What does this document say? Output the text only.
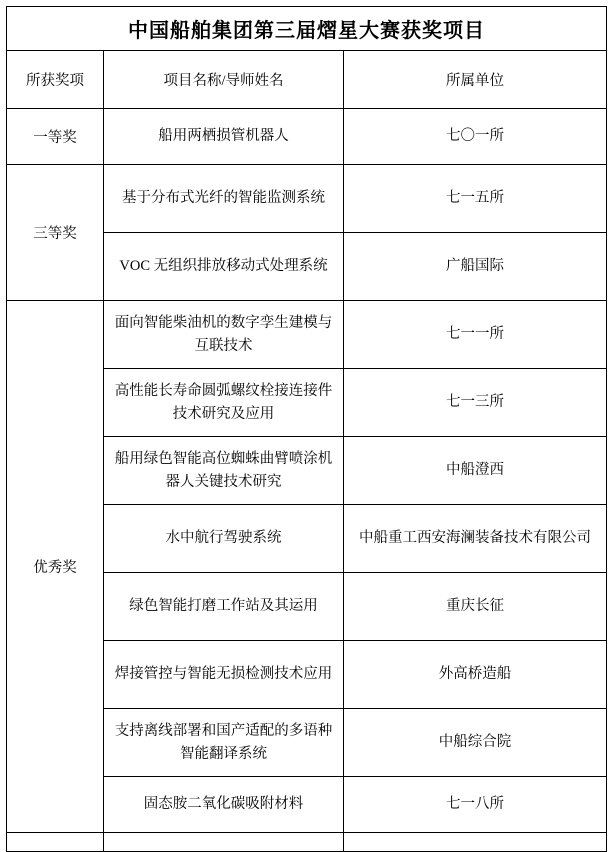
中国船舶集团第三届熠星大赛获奖项目		
所获奖项	项目名称/导师姓名	所属单位
一等奖	船用两栖损管机器人	七〇一所
三等奖	基于分布式光纤的智能监测系统	七一五所
	VOC 无组织排放移动式处理系统	广船国际
优秀奖	面向智能柴油机的数字孪生建模与互联技术	七一一所
	高性能长寿命圆弧螺纹栓接连接件技术研究及应用	七一三所
	船用绿色智能高位蜘蛛曲臂喷涂机器人关键技术研究	中船澄西
	水中航行驾驶系统	中船重工西安海澜装备技术有限公司
	绿色智能打磨工作站及其运用	重庆长征
	焊接管控与智能无损检测技术应用	外高桥造船
	支持离线部署和国产适配的多语种智能翻译系统	中船综合院
	固态胺二氧化碳吸附材料	七一八所
